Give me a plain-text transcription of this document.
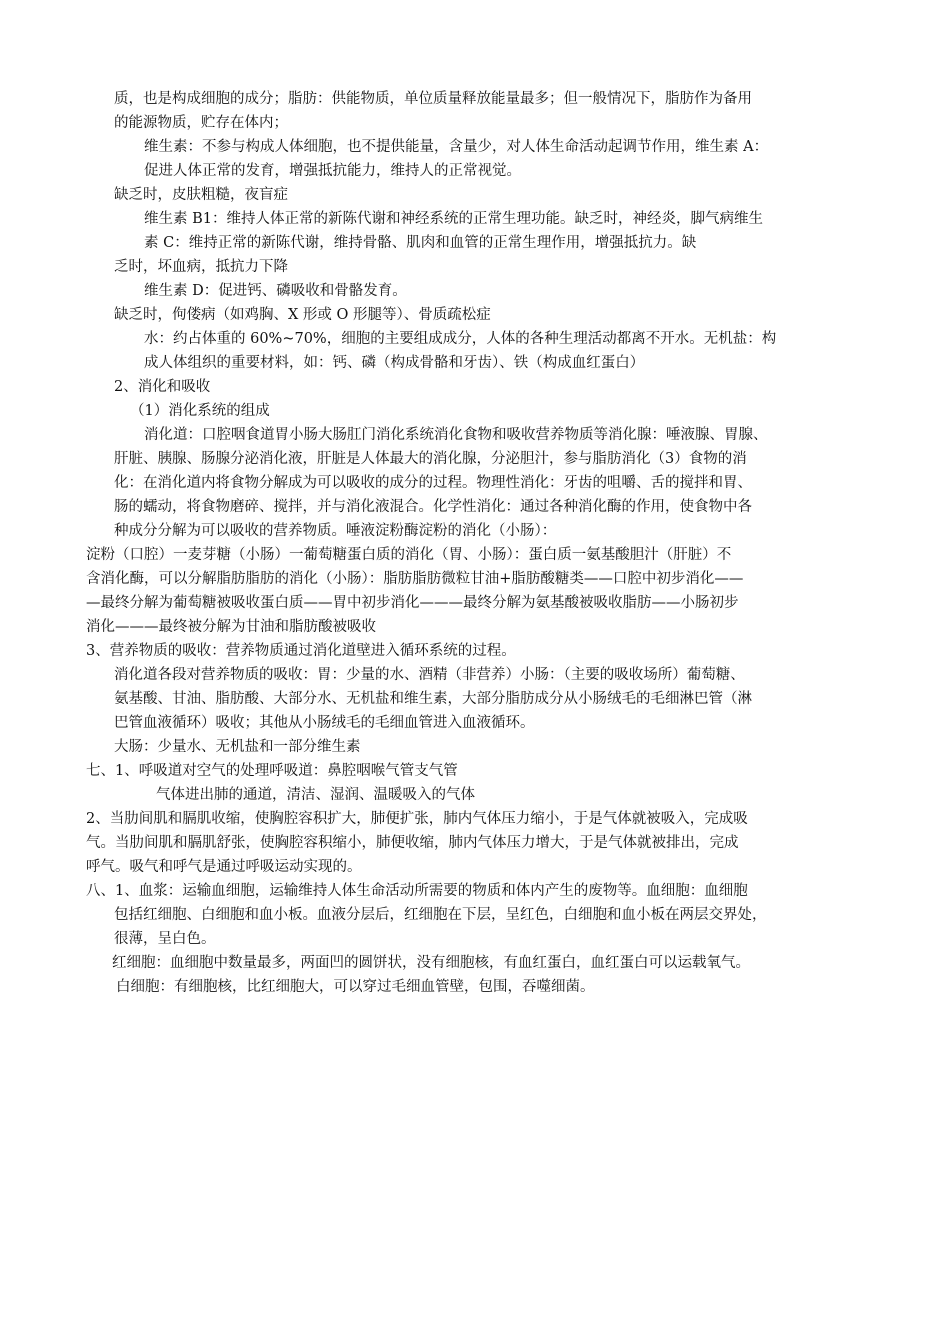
质，也是构成细胞的成分；脂肪：供能物质，单位质量释放能量最多；但一般情况下，脂肪作为备用

的能源物质，贮存在体内；

维生素：不参与构成人体细胞，也不提供能量，含量少，对人体生命活动起调节作用，维生素 A：

促进人体正常的发育，增强抵抗能力，维持人的正常视觉。

缺乏时，皮肤粗糙，夜盲症

维生素 B1：维持人体正常的新陈代谢和神经系统的正常生理功能。缺乏时，神经炎，脚气病维生

素 C：维持正常的新陈代谢，维持骨骼、肌肉和血管的正常生理作用，增强抵抗力。缺

乏时，坏血病，抵抗力下降

维生素 D：促进钙、磷吸收和骨骼发育。

缺乏时，佝偻病（如鸡胸、X 形或 O 形腿等）、骨质疏松症

水：约占体重的 60%~70%，细胞的主要组成成分，人体的各种生理活动都离不开水。无机盐：构

成人体组织的重要材料，如：钙、磷（构成骨骼和牙齿）、铁（构成血红蛋白）

2、消化和吸收

（1）消化系统的组成

消化道：口腔咽食道胃小肠大肠肛门消化系统消化食物和吸收营养物质等消化腺：唾液腺、胃腺、

肝脏、胰腺、肠腺分泌消化液，肝脏是人体最大的消化腺，分泌胆汁，参与脂肪消化（3）食物的消

化：在消化道内将食物分解成为可以吸收的成分的过程。物理性消化：牙齿的咀嚼、舌的搅拌和胃、

肠的蠕动，将食物磨碎、搅拌，并与消化液混合。化学性消化：通过各种消化酶的作用，使食物中各

种成分分解为可以吸收的营养物质。唾液淀粉酶淀粉的消化（小肠）：

淀粉（口腔）一麦芽糖（小肠）一葡萄糖蛋白质的消化（胃、小肠）：蛋白质一氨基酸胆汁（肝脏）不

含消化酶，可以分解脂肪脂肪的消化（小肠）：脂肪脂肪微粒甘油+脂肪酸糖类——口腔中初步消化——

—最终分解为葡萄糖被吸收蛋白质——胃中初步消化———最终分解为氨基酸被吸收脂肪——小肠初步

消化———最终被分解为甘油和脂肪酸被吸收

3、营养物质的吸收：营养物质通过消化道壁进入循环系统的过程。

消化道各段对营养物质的吸收：胃：少量的水、酒精（非营养）小肠：（主要的吸收场所）葡萄糖、

氨基酸、甘油、脂肪酸、大部分水、无机盐和维生素，大部分脂肪成分从小肠绒毛的毛细淋巴管（淋

巴管血液循环）吸收；其他从小肠绒毛的毛细血管进入血液循环。

大肠：少量水、无机盐和一部分维生素

七、1、呼吸道对空气的处理呼吸道：鼻腔咽喉气管支气管

气体进出肺的通道，清洁、湿润、温暖吸入的气体

2、当肋间肌和膈肌收缩，使胸腔容积扩大，肺便扩张，肺内气体压力缩小，于是气体就被吸入，完成吸

气。当肋间肌和膈肌舒张，使胸腔容积缩小，肺便收缩，肺内气体压力增大，于是气体就被排出，完成

呼气。吸气和呼气是通过呼吸运动实现的。

八、1、血浆：运输血细胞，运输维持人体生命活动所需要的物质和体内产生的废物等。血细胞：血细胞

包括红细胞、白细胞和血小板。血液分层后，红细胞在下层，呈红色，白细胞和血小板在两层交界处，

很薄，呈白色。

红细胞：血细胞中数量最多，两面凹的圆饼状，没有细胞核，有血红蛋白，血红蛋白可以运载氧气。

白细胞：有细胞核，比红细胞大，可以穿过毛细血管壁，包围，吞噬细菌。
